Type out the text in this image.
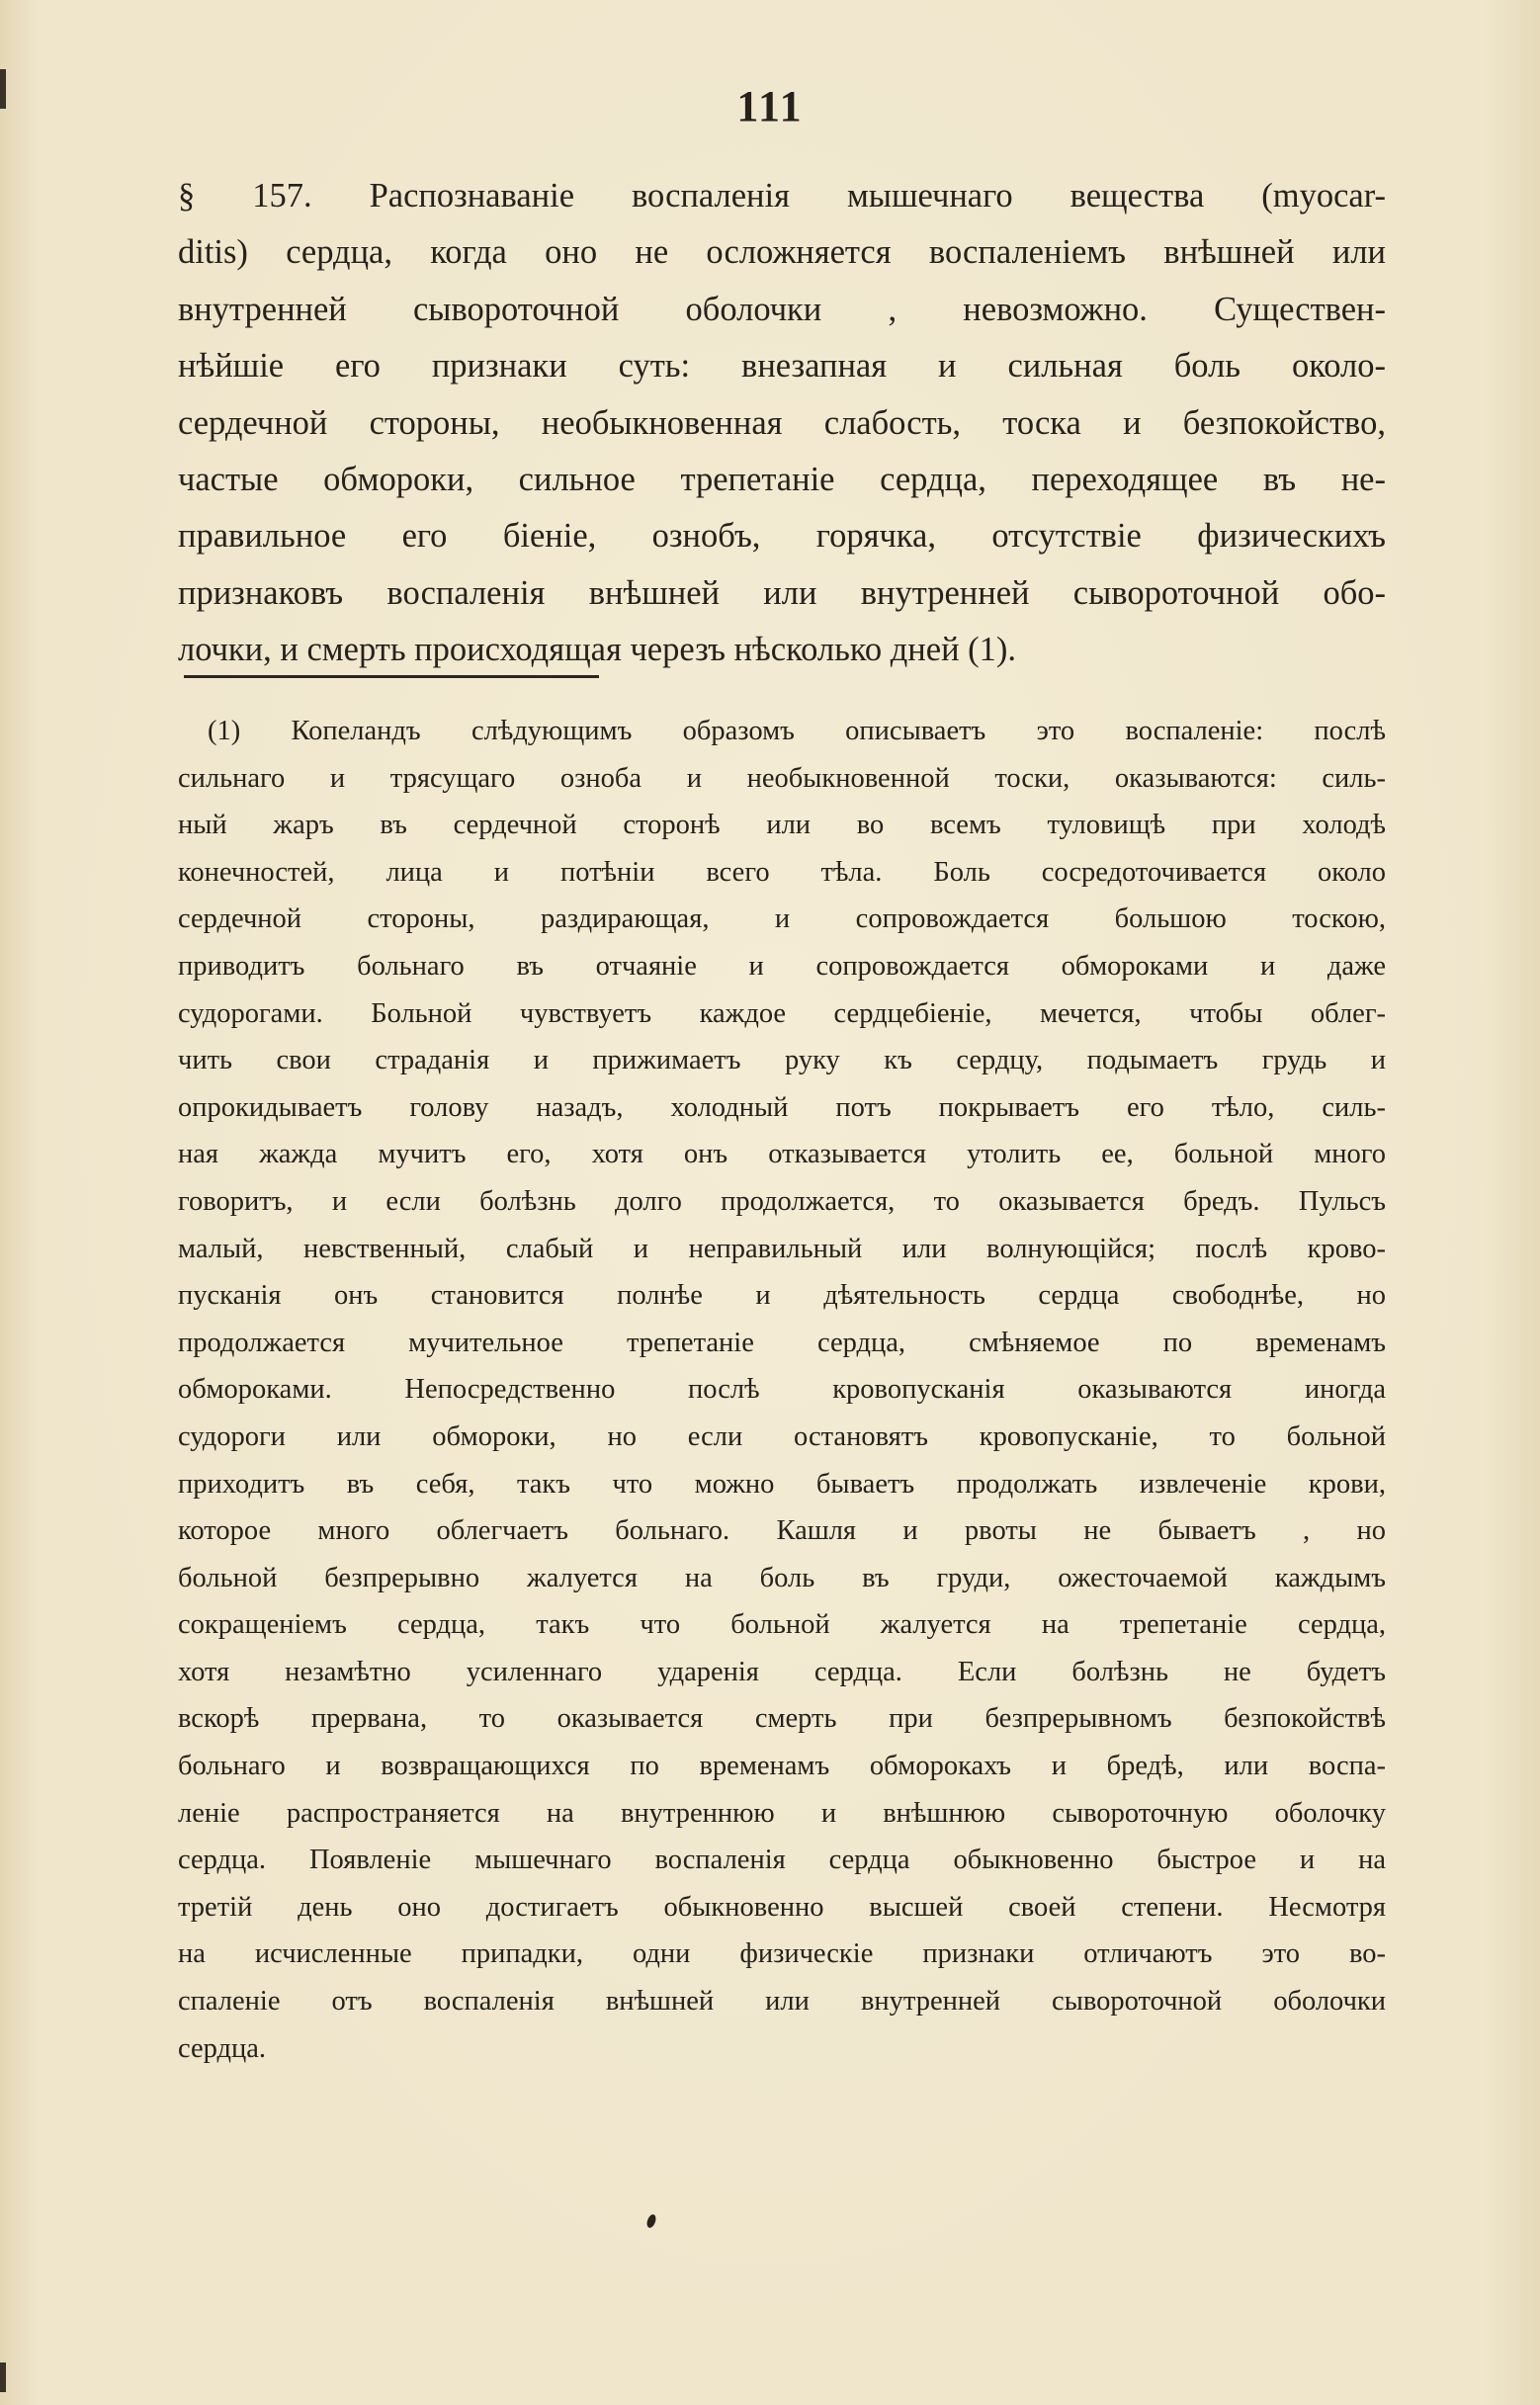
111
§ 157. Распознаванiе воспаленiя мышечнаго вещества (myocar-
ditis) сердца, когда оно не осложняется воспаленiемъ внѣшней или
внутренней сывороточной оболочки , невозможно. Существен-
нѣйшiе его признаки суть: внезапная и сильная боль около-
сердечной стороны, необыкновенная слабость, тоска и безпокойство,
частые обмороки, сильное трепетанiе сердца, переходящее въ не-
правильное его бiенiе, ознобъ, горячка, отсутствiе физическихъ
признаковъ воспаленiя внѣшней или внутренней сывороточной обо-
лочки, и смерть происходящая черезъ нѣсколько дней (1).
(1) Копеландъ слѣдующимъ образомъ описываетъ это воспаленiе: послѣ
сильнаго и трясущаго озноба и необыкновенной тоски, оказываются: силь-
ный жаръ въ сердечной сторонѣ или во всемъ туловищѣ при холодѣ
конечностей, лица и потѣнiи всего тѣла. Боль сосредоточивается около
сердечной стороны, раздирающая, и сопровождается большою тоскою,
приводитъ больнаго въ отчаянiе и сопровождается обмороками и даже
судорогами. Больной чувствуетъ каждое сердцебiенiе, мечется, чтобы облег-
чить свои страданiя и прижимаетъ руку къ сердцу, подымаетъ грудь и
опрокидываетъ голову назадъ, холодный потъ покрываетъ его тѣло, силь-
ная жажда мучитъ его, хотя онъ отказывается утолить ее, больной много
говоритъ, и если болѣзнь долго продолжается, то оказывается бредъ. Пульсъ
малый, невственный, слабый и неправильный или волнующiйся; послѣ крово-
пусканiя онъ становится полнѣе и дѣятельность сердца свободнѣе, но
продолжается мучительное трепетанiе сердца, смѣняемое по временамъ
обмороками. Непосредственно послѣ кровопусканiя оказываются иногда
судороги или обмороки, но если остановятъ кровопусканiе, то больной
приходитъ въ себя, такъ что можно бываетъ продолжать извлеченiе крови,
которое много облегчаетъ больнаго. Кашля и рвоты не бываетъ , но
больной безпрерывно жалуется на боль въ груди, ожесточаемой каждымъ
сокращенiемъ сердца, такъ что больной жалуется на трепетанiе сердца,
хотя незамѣтно усиленнаго ударенiя сердца. Если болѣзнь не будетъ
вскорѣ прервана, то оказывается смерть при безпрерывномъ безпокойствѣ
больнаго и возвращающихся по временамъ обморокахъ и бредѣ, или воспа-
ленiе распространяется на внутреннюю и внѣшнюю сывороточную оболочку
сердца. Появленiе мышечнаго воспаленiя сердца обыкновенно быстрое и на
третiй день оно достигаетъ обыкновенно высшей своей степени. Несмотря
на исчисленные припадки, одни физическiе признаки отличаютъ это во-
спаленiе отъ воспаленiя внѣшней или внутренней сывороточной оболочки
сердца.
